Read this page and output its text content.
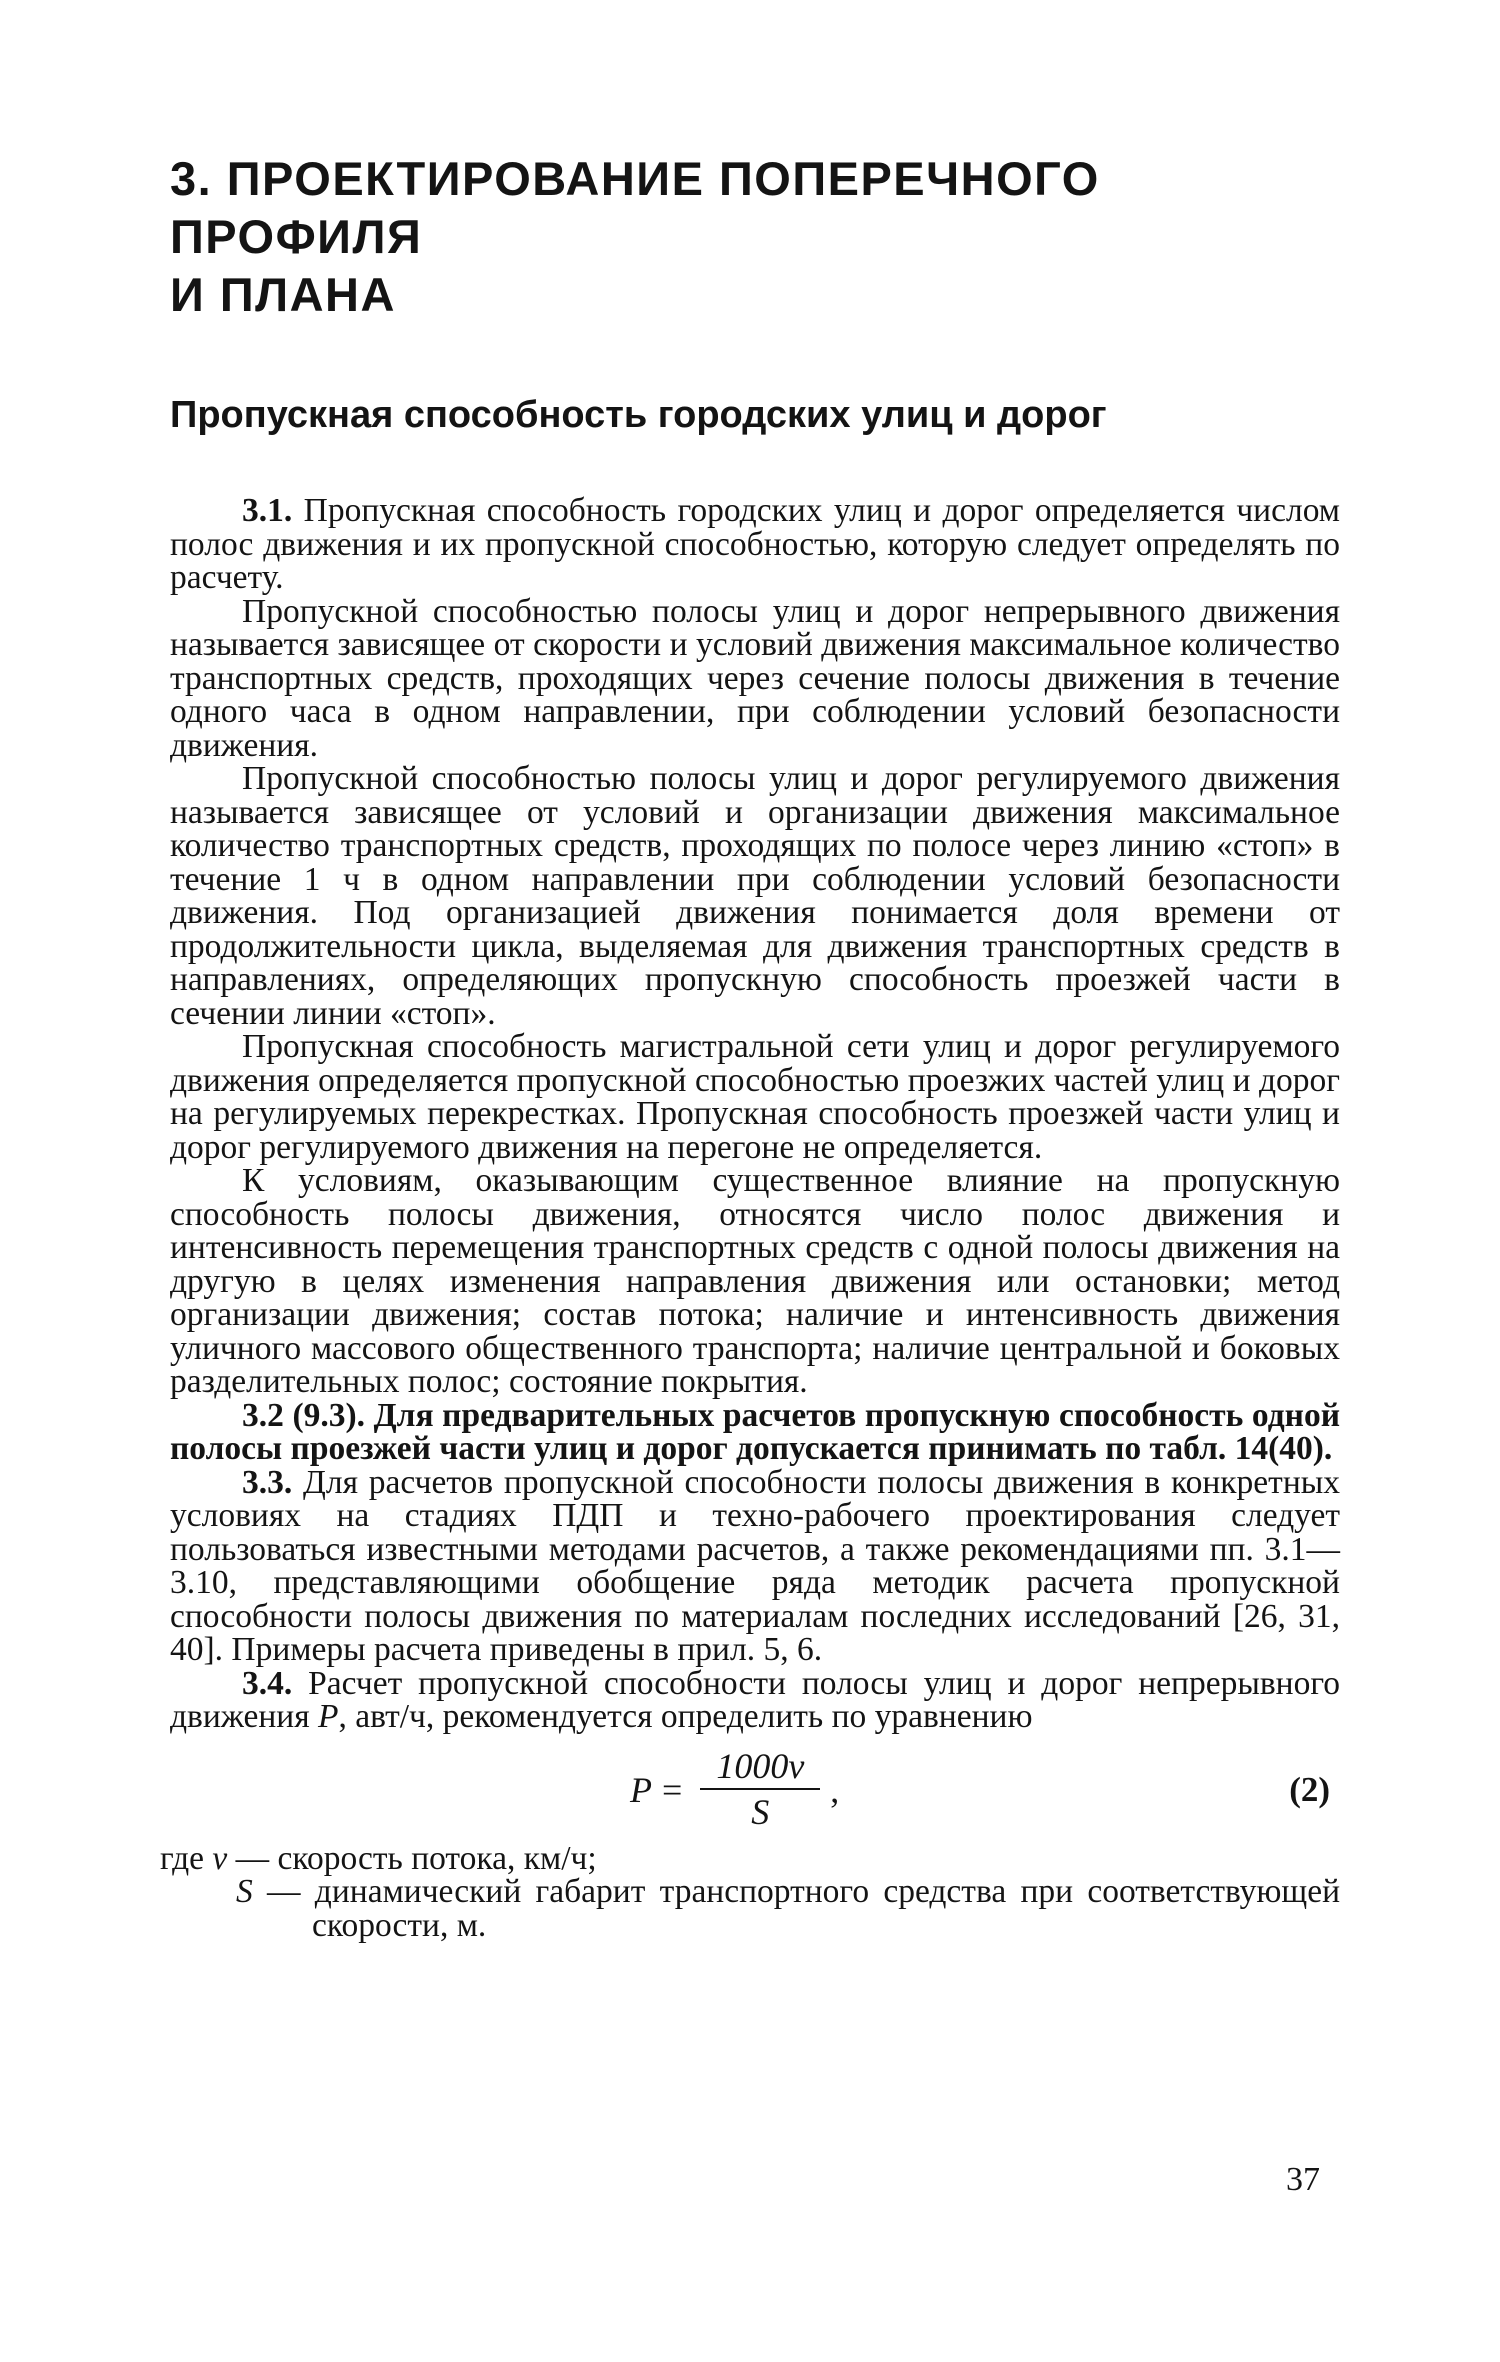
3. ПРОЕКТИРОВАНИЕ ПОПЕРЕЧНОГО ПРОФИЛЯ
И ПЛАНА
Пропускная способность городских улиц и дорог

3.1. Пропускная способность городских улиц и дорог определяется числом полос движения и их пропускной способностью, которую следует определять по расчету.

Пропускной способностью полосы улиц и дорог непрерывного движения называется зависящее от скорости и условий движения максимальное количество транспортных средств, проходящих через сечение полосы движения в течение одного часа в одном направлении, при соблюдении условий безопасности движения.

Пропускной способностью полосы улиц и дорог регулируемого движения называется зависящее от условий и организации движения максимальное количество транспортных средств, проходящих по полосе через линию «стоп» в течение 1 ч в одном направлении при соблюдении условий безопасности движения. Под организацией движения понимается доля времени от продолжительности цикла, выделяемая для движения транспортных средств в направлениях, определяющих пропускную способность проезжей части в сечении линии «стоп».

Пропускная способность магистральной сети улиц и дорог регулируемого движения определяется пропускной способностью проезжих частей улиц и дорог на регулируемых перекрестках. Пропускная способность проезжей части улиц и дорог регулируемого движения на перегоне не определяется.

К условиям, оказывающим существенное влияние на пропускную способность полосы движения, относятся число полос движения и интенсивность перемещения транспортных средств с одной полосы движения на другую в целях изменения направления движения или остановки; метод организации движения; состав потока; наличие и интенсивность движения уличного массового общественного транспорта; наличие центральной и боковых разделительных полос; состояние покрытия.

3.2 (9.3). Для предварительных расчетов пропускную способность одной полосы проезжей части улиц и дорог допускается принимать по табл. 14(40).

3.3. Для расчетов пропускной способности полосы движения в конкретных условиях на стадиях ПДП и техно-рабочего проектирования следует пользоваться известными методами расчетов, а также рекомендациями пп. 3.1—3.10, представляющими обобщение ряда методик расчета пропускной способности полосы движения по материалам последних исследований [26, 31, 40]. Примеры расчета приведены в прил. 5, 6.

3.4. Расчет пропускной способности полосы улиц и дорог непрерывного движения P, авт/ч, рекомендуется определить по уравнению

$P = \frac{1000v}{S}$ ,	(2)
где v — скорость потока, км/ч;
S — динамический габарит транспортного средства при соответствующей скорости, м.
37
